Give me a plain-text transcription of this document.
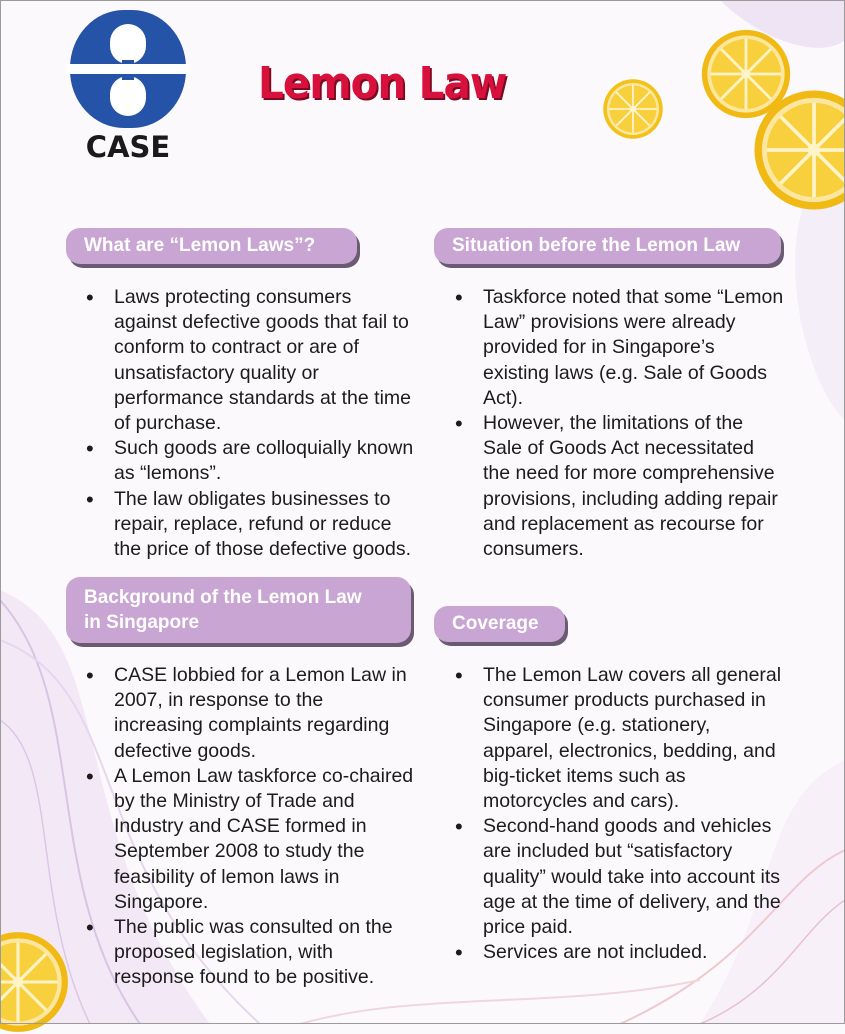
CASE
Lemon Law
What are “Lemon Laws”?
• Laws protecting consumers against defective goods that fail to conform to contract or are of unsatisfactory quality or performance standards at the time of purchase.
• Such goods are colloquially known as “lemons”.
• The law obligates businesses to repair, replace, refund or reduce the price of those defective goods.
Situation before the Lemon Law
• Taskforce noted that some “Lemon Law” provisions were already provided for in Singapore’s existing laws (e.g. Sale of Goods Act).
• However, the limitations of the Sale of Goods Act necessitated the need for more comprehensive provisions, including adding repair and replacement as recourse for consumers.
Background of the Lemon Law
in Singapore
• CASE lobbied for a Lemon Law in 2007, in response to the increasing complaints regarding defective goods.
• A Lemon Law taskforce co-chaired by the Ministry of Trade and Industry and CASE formed in September 2008 to study the feasibility of lemon laws in Singapore.
• The public was consulted on the proposed legislation, with response found to be positive.
Coverage
• The Lemon Law covers all general consumer products purchased in Singapore (e.g. stationery, apparel, electronics, bedding, and big-ticket items such as motorcycles and cars).
• Second-hand goods and vehicles are included but “satisfactory quality” would take into account its age at the time of delivery, and the price paid.
• Services are not included.
